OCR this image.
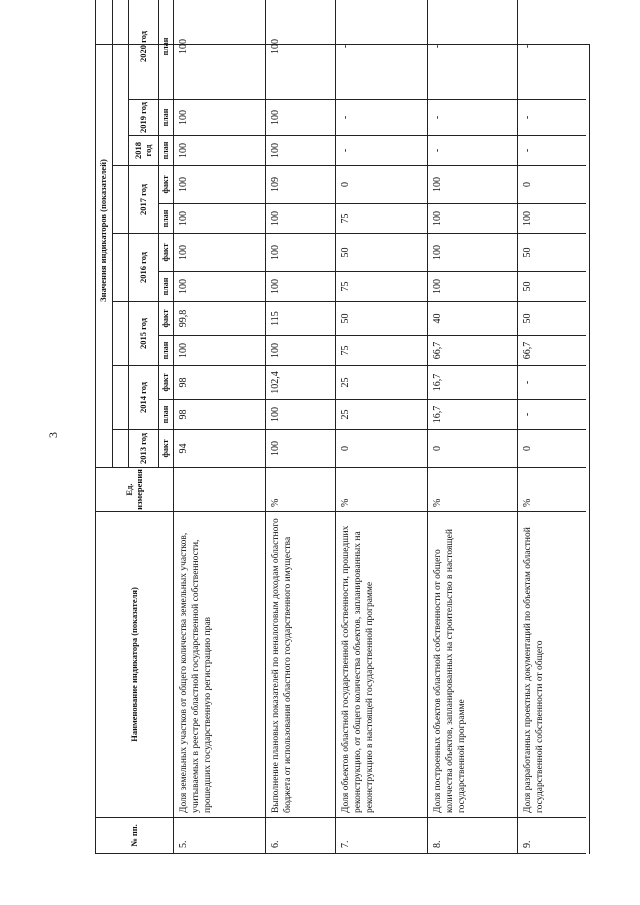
3
№ пп.
Наименование индикатора (показателя)
Ед. измерения
Значения индикаторов (показателей)
2013 год
2014 год
2015 год
2016 год
2017 год
2018 год
2019 год
2020 год
факт
план
факт
план
факт
план
факт
план
факт
план
план
план
5.
Доля земельных участков от общего количества земельных участков, учитываемых в реестре областной государственной собственности, прошедших государственную регистрацию прав
94
98
98
100
99,8
100
100
100
100
100
100
100
6.
Выполнение плановых показателей по неналоговым доходам областного бюджета от использования областного государственного имущества
%
100
100
102,4
100
115
100
100
100
109
100
100
100
7.
Доля объектов областной государственной собственности, прошедших реконструкцию, от общего количества объектов, запланированных на реконструкцию в настоящей государственной программе
%
0
25
25
75
50
75
50
75
0
-
-
-
8.
Доля построенных объектов областной собственности от общего количества объектов, запланированных на строительство в настоящей государственной программе
%
0
16,7
16,7
66,7
40
100
100
100
100
-
-
-
9.
Доля разработанных проектных документаций по объектам областной государственной собственности от общего
%
0
-
-
66,7
50
50
50
100
0
-
-
-
